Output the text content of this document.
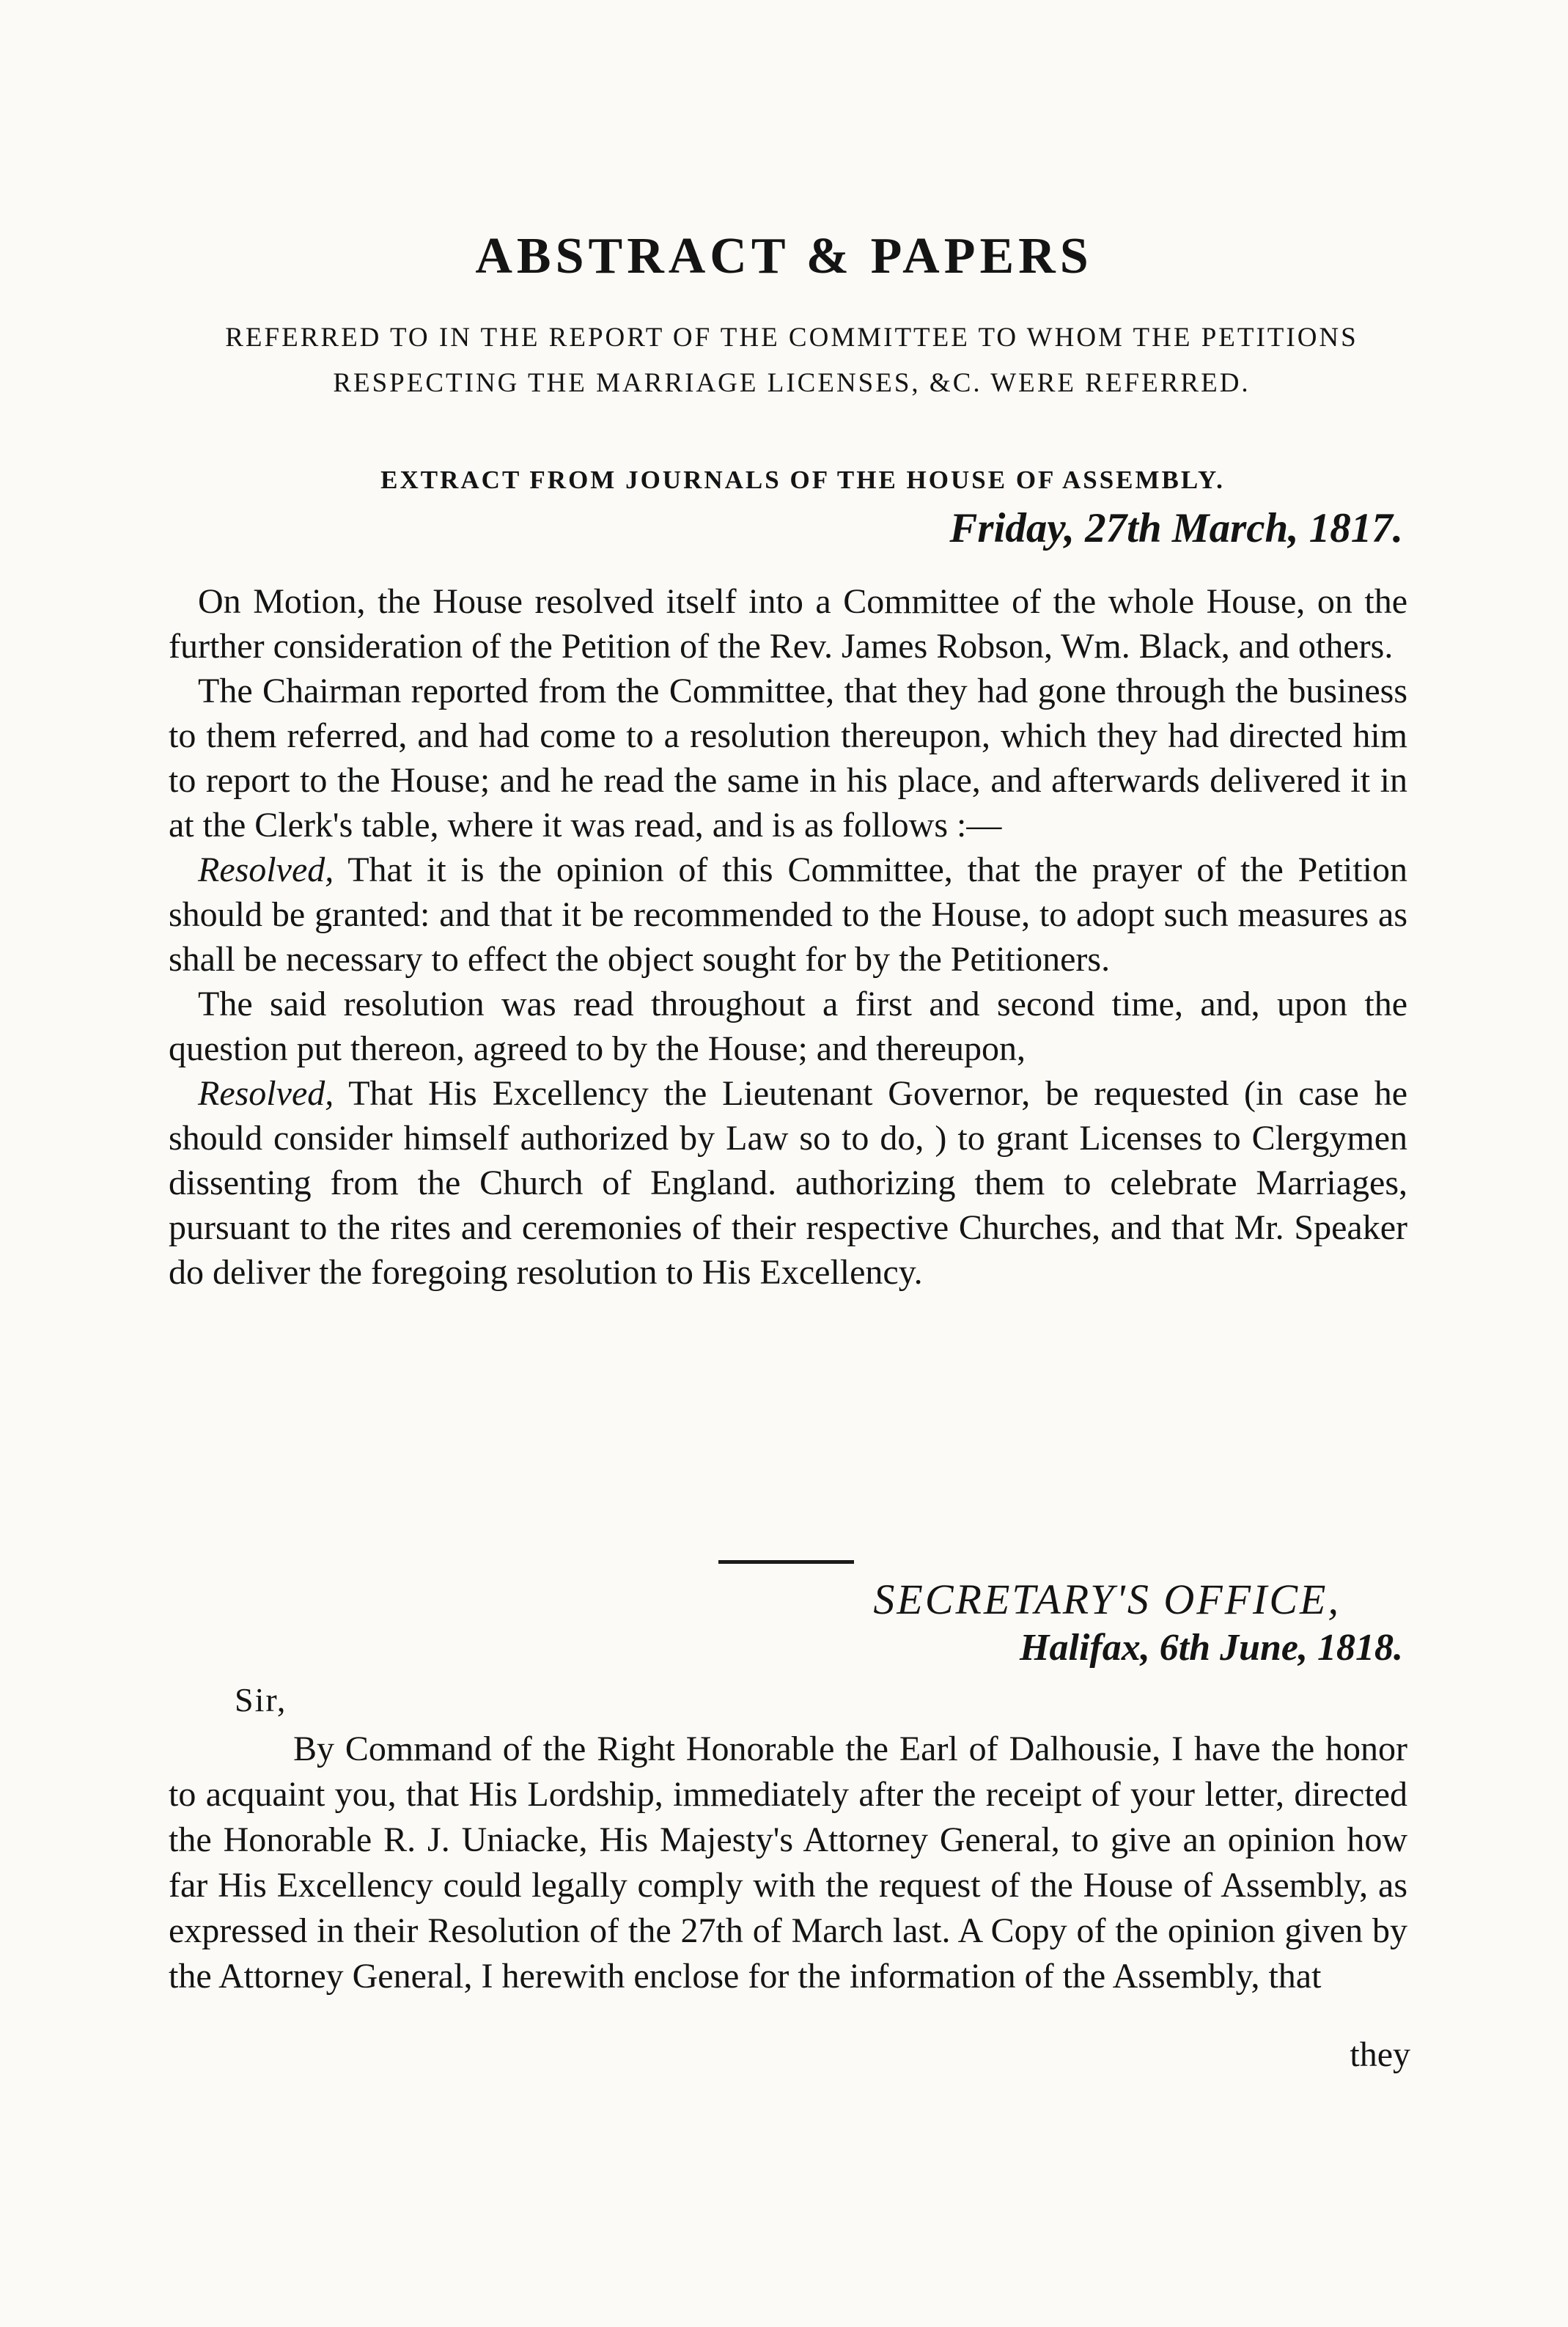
ABSTRACT & PAPERS
REFERRED TO IN THE REPORT OF THE COMMITTEE TO WHOM THE PETITIONS RESPECTING THE MARRIAGE LICENSES, &C. WERE REFERRED.
EXTRACT FROM JOURNALS OF THE HOUSE OF ASSEMBLY.
Friday, 27th March, 1817.

On Motion, the House resolved itself into a Committee of the whole House, on the further consideration of the Petition of the Rev. James Robson, Wm. Black, and others.

The Chairman reported from the Committee, that they had gone through the business to them referred, and had come to a resolution thereupon, which they had directed him to report to the House; and he read the same in his place, and afterwards delivered it in at the Clerk's table, where it was read, and is as follows :—

Resolved, That it is the opinion of this Committee, that the prayer of the Petition should be granted: and that it be recommended to the House, to adopt such measures as shall be necessary to effect the object sought for by the Petitioners.

The said resolution was read throughout a first and second time, and, upon the question put thereon, agreed to by the House; and thereupon,

Resolved, That His Excellency the Lieutenant Governor, be requested (in case he should consider himself authorized by Law so to do, ) to grant Licenses to Clergymen dissenting from the Church of England. authorizing them to celebrate Marriages, pursuant to the rites and ceremonies of their respective Churches, and that Mr. Speaker do deliver the foregoing resolution to His Excellency.

SECRETARY'S OFFICE,
Halifax, 6th June, 1818.
Sir,

By Command of the Right Honorable the Earl of Dalhousie, I have the honor to acquaint you, that His Lordship, immediately after the receipt of your letter, directed the Honorable R. J. Uniacke, His Majesty's Attorney General, to give an opinion how far His Excellency could legally comply with the request of the House of Assembly, as expressed in their Resolution of the 27th of March last. A Copy of the opinion given by the Attorney General, I herewith enclose for the information of the Assembly, that

they
